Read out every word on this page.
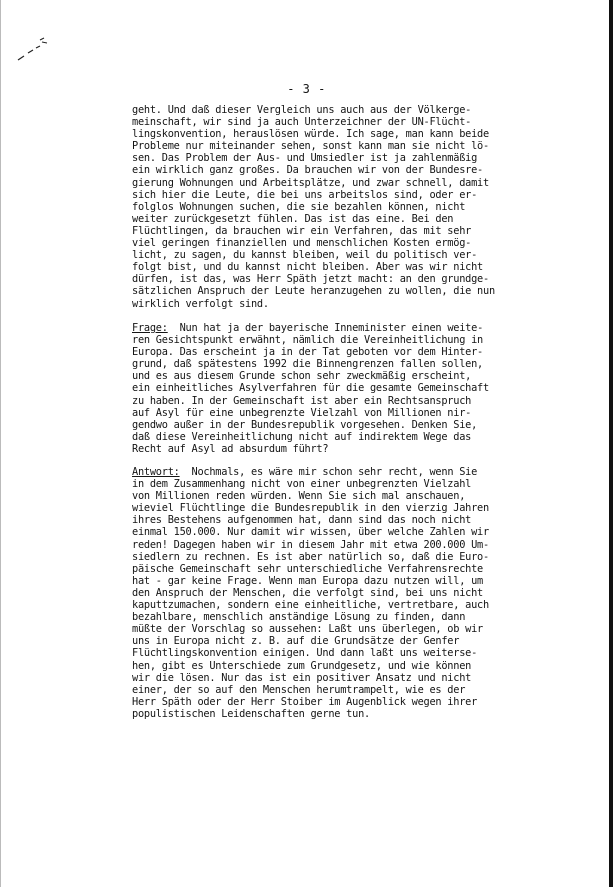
- 3 -
geht. Und daß dieser Vergleich uns auch aus der Völkerge-
meinschaft, wir sind ja auch Unterzeichner der UN-Flücht-
lingskonvention, herauslösen würde. Ich sage, man kann beide
Probleme nur miteinander sehen, sonst kann man sie nicht lö-
sen. Das Problem der Aus- und Umsiedler ist ja zahlenmäßig
ein wirklich ganz großes. Da brauchen wir von der Bundesre-
gierung Wohnungen und Arbeitsplätze, und zwar schnell, damit
sich hier die Leute, die bei uns arbeitslos sind, oder er-
folglos Wohnungen suchen, die sie bezahlen können, nicht
weiter zurückgesetzt fühlen. Das ist das eine. Bei den
Flüchtlingen, da brauchen wir ein Verfahren, das mit sehr
viel geringen finanziellen und menschlichen Kosten ermög-
licht, zu sagen, du kannst bleiben, weil du politisch ver-
folgt bist, und du kannst nicht bleiben. Aber was wir nicht
dürfen, ist das, was Herr Späth jetzt macht: an den grundge-
sätzlichen Anspruch der Leute heranzugehen zu wollen, die nun
wirklich verfolgt sind.
Frage:  Nun hat ja der bayerische Inneminister einen weite-
ren Gesichtspunkt erwähnt, nämlich die Vereinheitlichung in
Europa. Das erscheint ja in der Tat geboten vor dem Hinter-
grund, daß spätestens 1992 die Binnengrenzen fallen sollen,
und es aus diesem Grunde schon sehr zweckmäßig erscheint,
ein einheitliches Asylverfahren für die gesamte Gemeinschaft
zu haben. In der Gemeinschaft ist aber ein Rechtsanspruch
auf Asyl für eine unbegrenzte Vielzahl von Millionen nir-
gendwo außer in der Bundesrepublik vorgesehen. Denken Sie,
daß diese Vereinheitlichung nicht auf indirektem Wege das
Recht auf Asyl ad absurdum führt?
Antwort:  Nochmals, es wäre mir schon sehr recht, wenn Sie
in dem Zusammenhang nicht von einer unbegrenzten Vielzahl
von Millionen reden würden. Wenn Sie sich mal anschauen,
wieviel Flüchtlinge die Bundesrepublik in den vierzig Jahren
ihres Bestehens aufgenommen hat, dann sind das noch nicht
einmal 150.000. Nur damit wir wissen, über welche Zahlen wir
reden! Dagegen haben wir in diesem Jahr mit etwa 200.000 Um-
siedlern zu rechnen. Es ist aber natürlich so, daß die Euro-
päische Gemeinschaft sehr unterschiedliche Verfahrensrechte
hat - gar keine Frage. Wenn man Europa dazu nutzen will, um
den Anspruch der Menschen, die verfolgt sind, bei uns nicht
kaputtzumachen, sondern eine einheitliche, vertretbare, auch
bezahlbare, menschlich anständige Lösung zu finden, dann
müßte der Vorschlag so aussehen: Laßt uns überlegen, ob wir
uns in Europa nicht z. B. auf die Grundsätze der Genfer
Flüchtlingskonvention einigen. Und dann laßt uns weiterse-
hen, gibt es Unterschiede zum Grundgesetz, und wie können
wir die lösen. Nur das ist ein positiver Ansatz und nicht
einer, der so auf den Menschen herumtrampelt, wie es der
Herr Späth oder der Herr Stoiber im Augenblick wegen ihrer
populistischen Leidenschaften gerne tun.
